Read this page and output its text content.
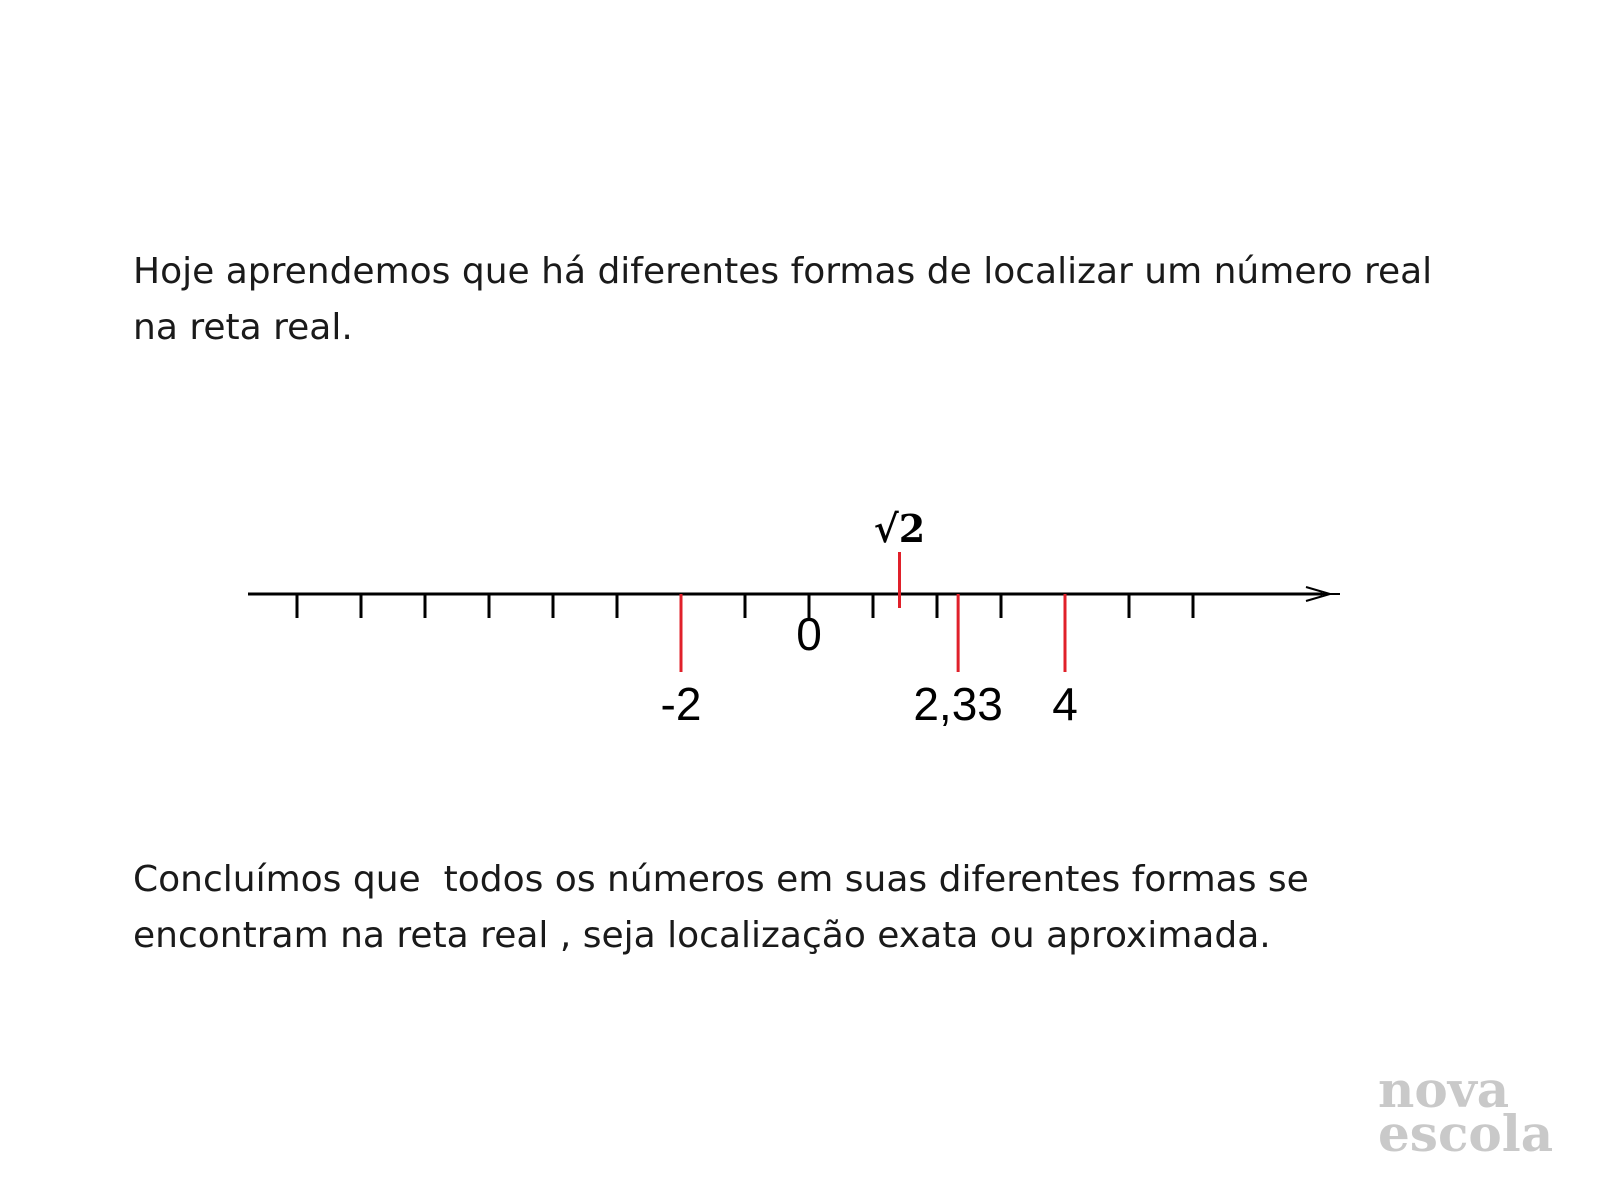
Hoje aprendemos que há diferentes formas de localizar um número real na reta real.

-2
√2
2,33 4
0
nova
escola

Concluímos que  todos os números em suas diferentes formas se encontram na reta real , seja localização exata ou aproximada.
